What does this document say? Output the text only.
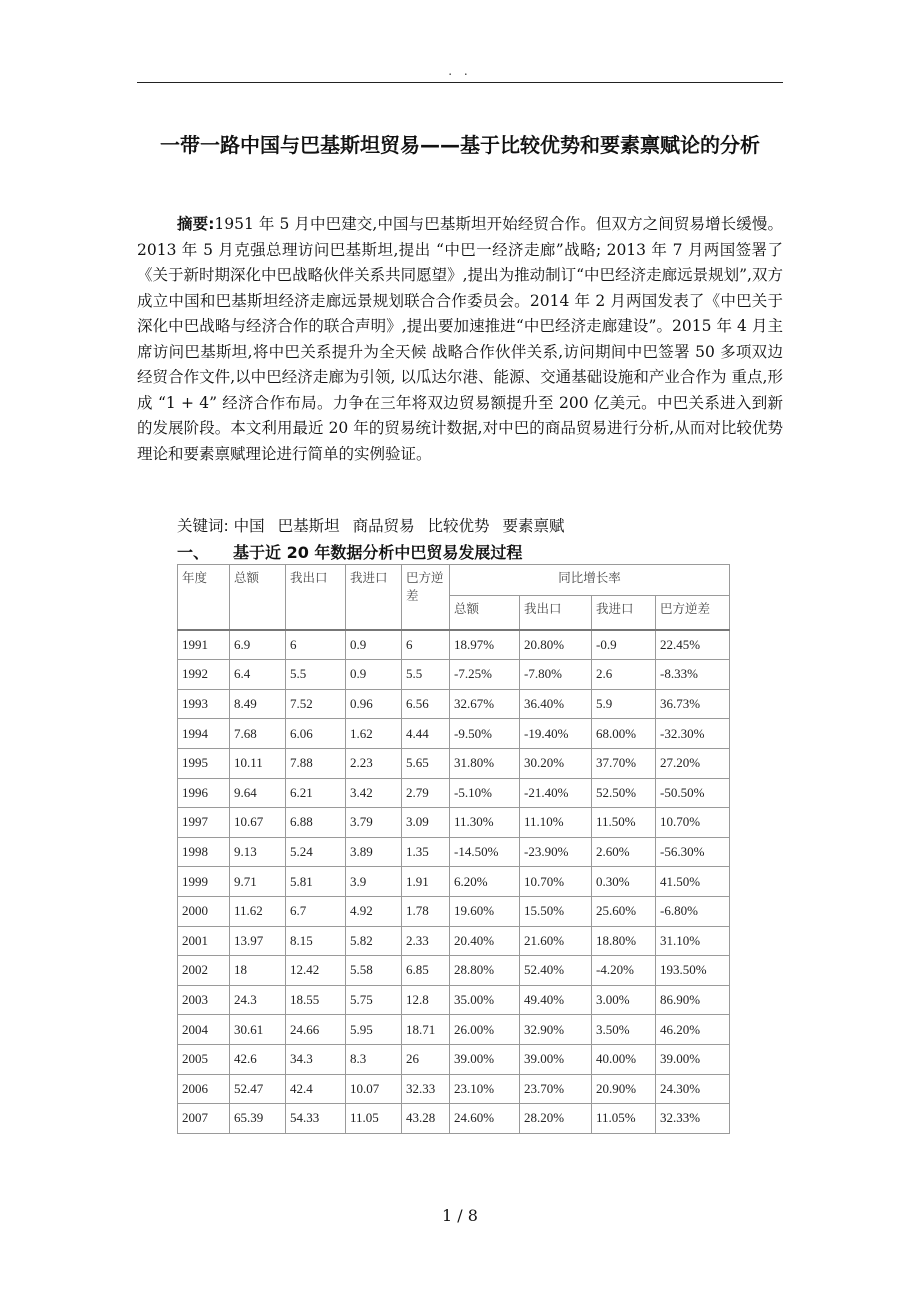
. .
一带一路中国与巴基斯坦贸易——基于比较优势和要素禀赋论的分析
摘要:1951 年 5 月中巴建交,中国与巴基斯坦开始经贸合作。但双方之间贸易增长缓慢。2013 年 5 月克强总理访问巴基斯坦,提出 “中巴一经济走廊”战略; 2013 年 7 月两国签署了《关于新时期深化中巴战略伙伴关系共同愿望》,提出为推动制订“中巴经济走廊远景规划”,双方成立中国和巴基斯坦经济走廊远景规划联合合作委员会。2014 年 2 月两国发表了《中巴关于深化中巴战略与经济合作的联合声明》,提出要加速推进“中巴经济走廊建设”。2015 年 4 月主席访问巴基斯坦,将中巴关系提升为全天候 战略合作伙伴关系,访问期间中巴签署 50 多项双边经贸合作文件,以中巴经济走廊为引领, 以瓜达尔港、能源、交通基础设施和产业合作为 重点,形成 “1 + 4” 经济合作布局。力争在三年将双边贸易额提升至 200 亿美元。中巴关系进入到新的发展阶段。本文利用最近 20 年的贸易统计数据,对中巴的商品贸易进行分析,从而对比较优势理论和要素禀赋理论进行简单的实例验证。
关键词: 中国 巴基斯坦 商品贸易 比较优势 要素禀赋
一、 基于近 20 年数据分析中巴贸易发展过程
年度	总额	我出口	我进口	巴方逆差	同比增长率			
					总额	我出口	我进口	巴方逆差
1991	6.9	6	0.9	6	18.97%	20.80%	-0.9	22.45%
1992	6.4	5.5	0.9	5.5	-7.25%	-7.80%	2.6	-8.33%
1993	8.49	7.52	0.96	6.56	32.67%	36.40%	5.9	36.73%
1994	7.68	6.06	1.62	4.44	-9.50%	-19.40%	68.00%	-32.30%
1995	10.11	7.88	2.23	5.65	31.80%	30.20%	37.70%	27.20%
1996	9.64	6.21	3.42	2.79	-5.10%	-21.40%	52.50%	-50.50%
1997	10.67	6.88	3.79	3.09	11.30%	11.10%	11.50%	10.70%
1998	9.13	5.24	3.89	1.35	-14.50%	-23.90%	2.60%	-56.30%
1999	9.71	5.81	3.9	1.91	6.20%	10.70%	0.30%	41.50%
2000	11.62	6.7	4.92	1.78	19.60%	15.50%	25.60%	-6.80%
2001	13.97	8.15	5.82	2.33	20.40%	21.60%	18.80%	31.10%
2002	18	12.42	5.58	6.85	28.80%	52.40%	-4.20%	193.50%
2003	24.3	18.55	5.75	12.8	35.00%	49.40%	3.00%	86.90%
2004	30.61	24.66	5.95	18.71	26.00%	32.90%	3.50%	46.20%
2005	42.6	34.3	8.3	26	39.00%	39.00%	40.00%	39.00%
2006	52.47	42.4	10.07	32.33	23.10%	23.70%	20.90%	24.30%
2007	65.39	54.33	11.05	43.28	24.60%	28.20%	11.05%	32.33%
1 / 8
